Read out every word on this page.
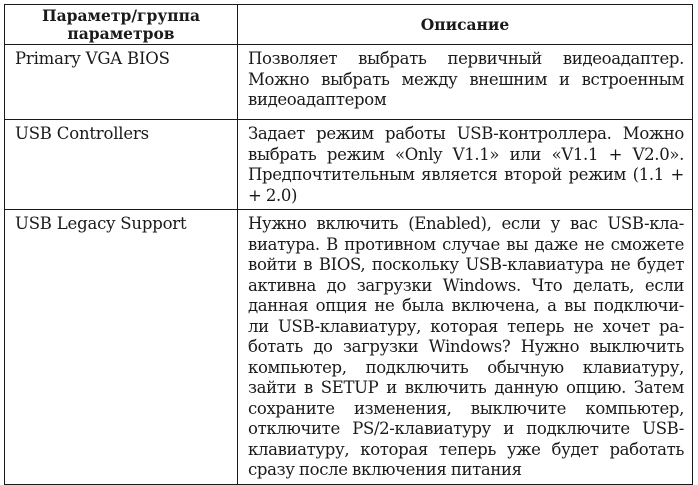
Параметр/группа
параметров	Описание
Primary VGA BIOS	Позволяет выбрать первичный видеоадаптер.
Можно выбрать между внешним и встроенным
видеоадаптером

USB Controllers	Задает режим работы USB-контроллера. Можно
выбрать режим «Only V1.1» или «V1.1 + V2.0».
Предпочтительным является второй режим (1.1 +
+ 2.0)

USB Legacy Support	Нужно включить (Enabled), если у вас USB-кла-
виатура. В противном случае вы даже не сможете
войти в BIOS, поскольку USB-клавиатура не будет
активна до загрузки Windows. Что делать, если
данная опция не была включена, а вы подключи-
ли USB-клавиатуру, которая теперь не хочет ра-
ботать до загрузки Windows? Нужно выключить
компьютер, подключить обычную клавиатуру,
зайти в SETUP и включить данную опцию. Затем
сохраните изменения, выключите компьютер,
отключите PS/2-клавиатуру и подключите USB-
клавиатуру, которая теперь уже будет работать
сразу после включения питания
